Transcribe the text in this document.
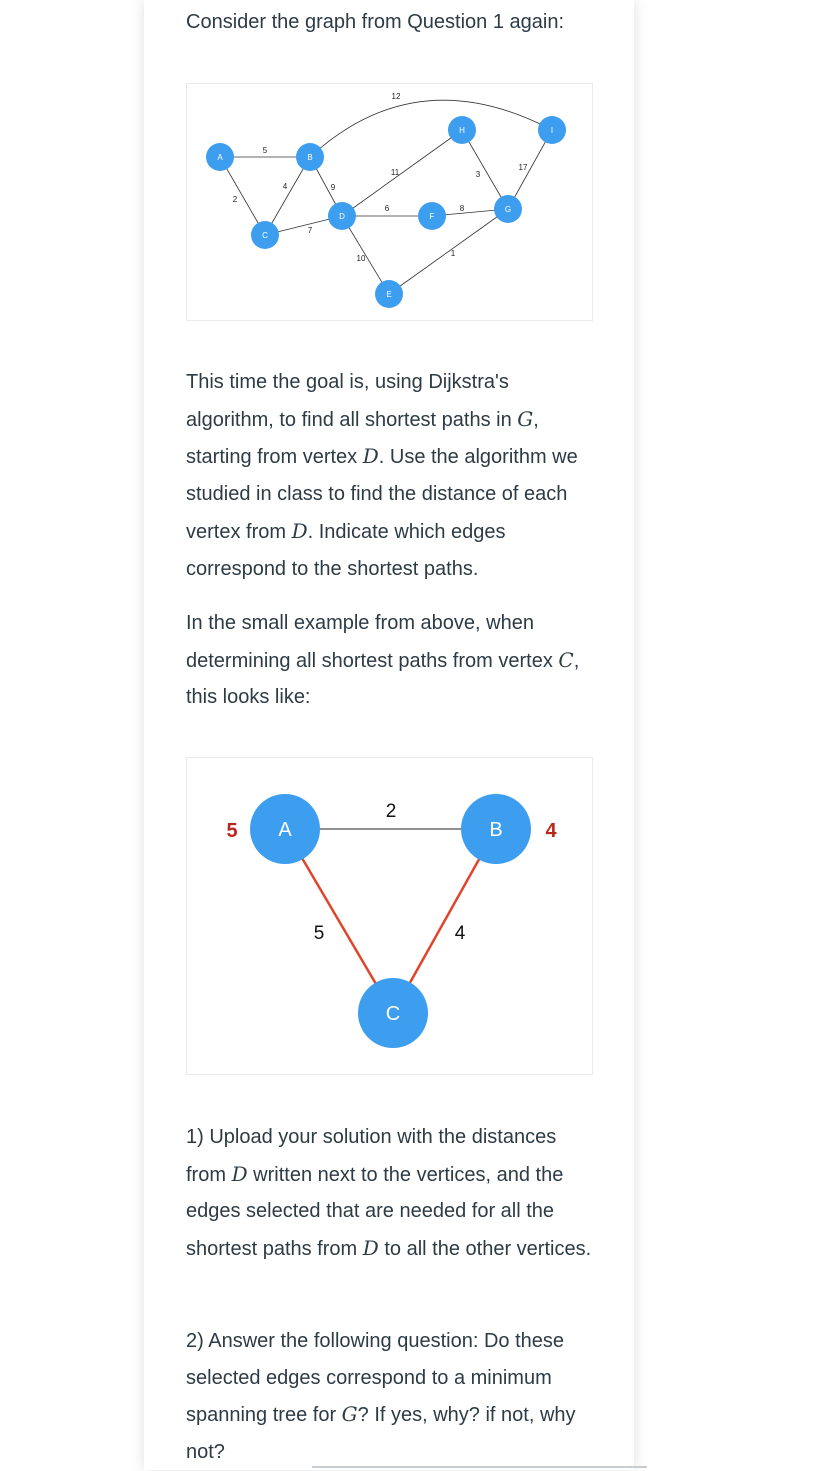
Consider the graph from Question 1 again:
5
2
4	9
7
11
6
10
8
3
17
1
12
A	B
C
D
E
F
G
H	I
This time the goal is, using Dijkstra's algorithm, to find all shortest paths in G, starting from vertex D. Use the algorithm we studied in class to find the distance of each vertex from D. Indicate which edges correspond to the shortest paths.
In the small example from above, when determining all shortest paths from vertex C, this looks like:
2
5	4
A	B
C
5	4
1) Upload your solution with the distances from D written next to the vertices, and the edges selected that are needed for all the shortest paths from D to all the other vertices.
2) Answer the following question: Do these selected edges correspond to a minimum spanning tree for G? If yes, why? if not, why not?
